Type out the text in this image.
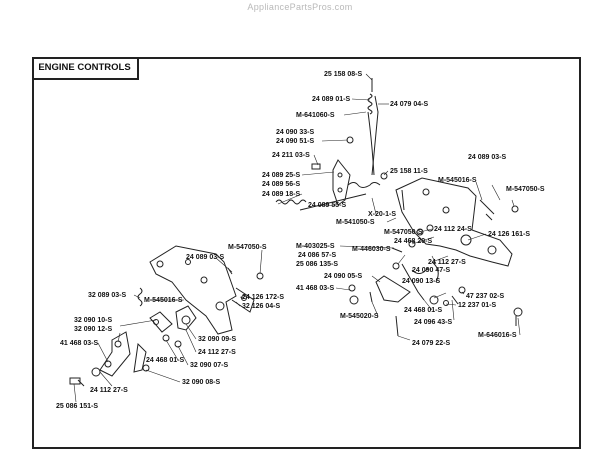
AppliancePartsPros.com
ENGINE CONTROLS
25 158 08-S
24 089 01-S
24 079 04-S
M-641060-S
24 090 33-S
24 090 51-S
24 211 03-S
25 158 11-S
24 089 25-S
24 089 56-S
24 089 18-S
24 089 03-S
M-545016-S
M-547050-S
24 089 55-S
X-20-1-S
M-541050-S
24 112 24-S
24 126 161-S
M-547050-S
M-403025-S
24 468 20-S
24 086 57-S
M-446030-S
25 086 135-S	24 112 27-S
24 090 47-S
24 090 05-S
24 090 13-S
47 237 02-S
41 468 03-S
24 468 01-S
12 237 01-S
M-545020-S
24 096 43-S
M-646016-S
24 079 22-S
M-547050-S
24 089 03-S
32 089 03-S
M-545016-S	24 126 172-S
32 126 04-S
32 090 10-S
32 090 12-S
32 090 09-S
41 468 03-S
24 112 27-S
24 468 01-S
32 090 07-S
24 112 27-S
32 090 08-S
25 086 151-S
